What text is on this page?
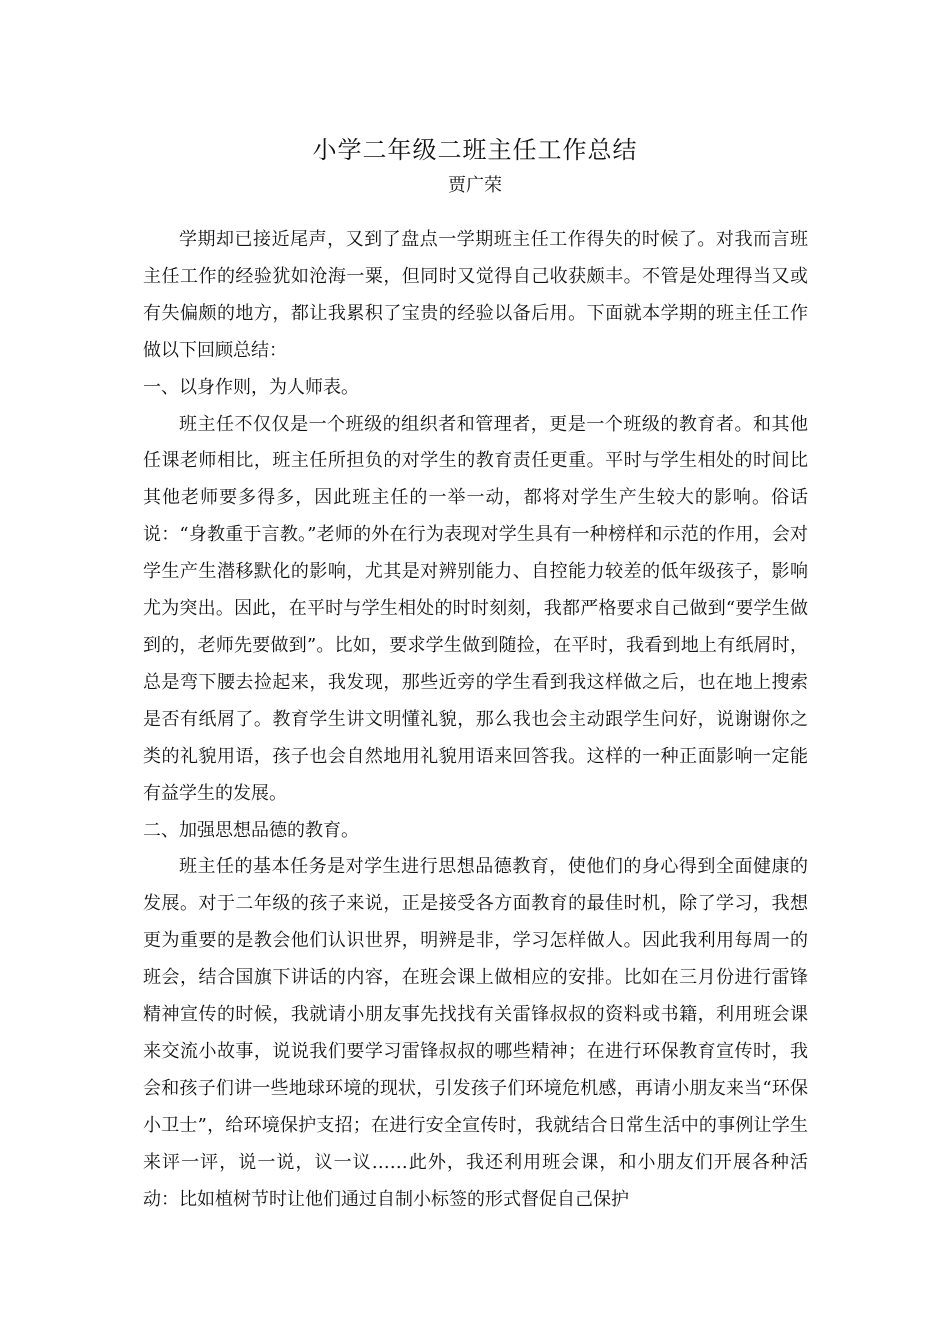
小学二年级二班主任工作总结
贾广荣

学期却已接近尾声，又到了盘点一学期班主任工作得失的时候了。对我而言班主任工作的经验犹如沧海一粟，但同时又觉得自己收获颇丰。不管是处理得当又或有失偏颇的地方，都让我累积了宝贵的经验以备后用。下面就本学期的班主任工作做以下回顾总结：

一、以身作则，为人师表。

班主任不仅仅是一个班级的组织者和管理者，更是一个班级的教育者。和其他任课老师相比，班主任所担负的对学生的教育责任更重。平时与学生相处的时间比其他老师要多得多，因此班主任的一举一动，都将对学生产生较大的影响。俗话说：“身教重于言教。”老师的外在行为表现对学生具有一种榜样和示范的作用，会对学生产生潜移默化的影响，尤其是对辨别能力、自控能力较差的低年级孩子，影响尤为突出。因此，在平时与学生相处的时时刻刻，我都严格要求自己做到“要学生做到的，老师先要做到”。比如，要求学生做到随捡，在平时，我看到地上有纸屑时，总是弯下腰去捡起来，我发现，那些近旁的学生看到我这样做之后，也在地上搜索是否有纸屑了。教育学生讲文明懂礼貌，那么我也会主动跟学生问好，说谢谢你之类的礼貌用语，孩子也会自然地用礼貌用语来回答我。这样的一种正面影响一定能有益学生的发展。

二、加强思想品德的教育。

班主任的基本任务是对学生进行思想品德教育，使他们的身心得到全面健康的发展。对于二年级的孩子来说，正是接受各方面教育的最佳时机，除了学习，我想更为重要的是教会他们认识世界，明辨是非，学习怎样做人。因此我利用每周一的班会，结合国旗下讲话的内容，在班会课上做相应的安排。比如在三月份进行雷锋精神宣传的时候，我就请小朋友事先找找有关雷锋叔叔的资料或书籍，利用班会课来交流小故事，说说我们要学习雷锋叔叔的哪些精神；在进行环保教育宣传时，我会和孩子们讲一些地球环境的现状，引发孩子们环境危机感，再请小朋友来当“环保小卫士”，给环境保护支招；在进行安全宣传时，我就结合日常生活中的事例让学生来评一评，说一说，议一议……此外，我还利用班会课，和小朋友们开展各种活动：比如植树节时让他们通过自制小标签的形式督促自己保护
